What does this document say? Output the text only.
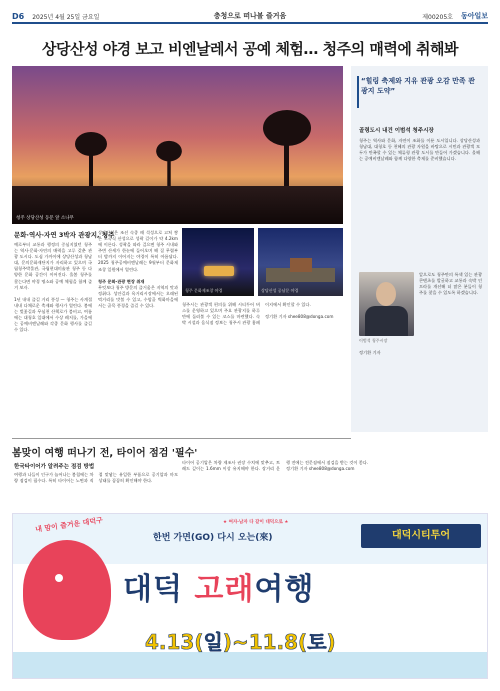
D6 2025년 4월 25일 금요일	충청으로 떠나볼 즐거움	제00205호 동아일보
상당산성 야경 보고 비엔날레서 공예 체험… 청주의 매력에 취해봐
청주 상당산성 동문 앞 소나무
문화·역사·자연 3박자 관광지, 청주
예로부터 교통과 행정의 중심지였던 청주는 역사·문화·자연의 매력을 고루 갖춘 관광 도시다. 도심 가까이에 상당산성과 청남대, 문의문화재단지가 자리하고 있으며 국립청주박물관, 국립현대미술관 청주 등 다양한 문화 공간이 이어진다. 올봄 청주를 찾는다면 야경 명소와 공예 체험을 함께 즐겨 보자.

1년 내내 즐길 거리 풍성 — 청주는 사계절 내내 다채로운 축제와 행사가 열린다. 봄에는 벚꽃길과 무심천 산책로가 붐비고, 여름에는 대청호 일대에서 수상 레저를, 가을에는 공예비엔날레와 각종 문화 행사를 즐길 수 있다.
상당산성은 조선 숙종 때 석성으로 고쳐 쌓은 포곡식 산성으로 성곽 길이가 약 4.2km에 이른다. 성곽을 따라 걸으면 청주 시내와 주변 산세가 한눈에 들어오며 해 질 무렵부터 밤까지 이어지는 야경이 특히 아름답다. 2025 청주공예비엔날레는 9월부터 문화제조창 일원에서 열린다.

청주 문화·관광 현장 취재
무엇보다 청주 방문의 즐거움은 지역의 맛과 정취다. 성안길과 육거리시장에서는 오래된 먹거리를 맛볼 수 있고, 수암골 벽화마을에서는 골목 풍경을 즐길 수 있다.
청주 문화제조창 야경	상당산성 공남문 야경
청주시는 관광객 편의를 위해 시티투어 버스를 운영하고 있으며 주요 관광지를 하루 만에 둘러볼 수 있는 코스를 마련했다. 숙박 시설과 음식점 정보는 청주시 관광 홈페이지에서 확인할 수 있다.

정기환 기자 shee808@donga.com
“힐링 축제와 지유 관광 오감 만족 관광지 도약”
골령도시 내건 이범석 청주시장
청주는 역사와 문화, 자연이 조화를 이룬 도시입니다. 상당산성과 청남대, 대청호 등 천혜의 관광 자원을 바탕으로 시민과 관광객 모두가 만족할 수 있는 체류형 관광 도시를 만들어 가겠습니다. 올해는 공예비엔날레와 함께 다양한 축제를 준비했습니다.
이범석 청주시장
앞으로도 청주만의 특색 있는 관광 콘텐츠를 발굴하고 교통과 숙박 인프라를 개선해 더 많은 분들이 청주를 찾을 수 있도록 하겠습니다.
정기환 기자
봄맞이 여행 떠나기 전, 타이어 점검 '필수'
한국타이어가 알려주는 점검 방법
여행과 나들이 인구가 늘어나는 봄철에는 차량 점검이 필수다. 특히 타이어는 노면과 직접 맞닿는 유일한 부품으로 공기압과 마모 상태를 꼼꼼히 확인해야 한다.
타이어 공기압은 차량 제조사 권장 수치에 맞추고, 트레드 깊이는 1.6mm 이상 유지해야 한다. 장거리 운행 전에는 전문점에서 점검을 받는 것이 좋다.
정기환 기자 shee808@donga.com
내 맘이 즐거운 대덕구	★ 여자·남자 다 같이 대덕으로 ★
한번 가면(GO) 다시 오는(來)	대덕시티투어
대덕 고래여행
4.13(일)~11.8(토)
